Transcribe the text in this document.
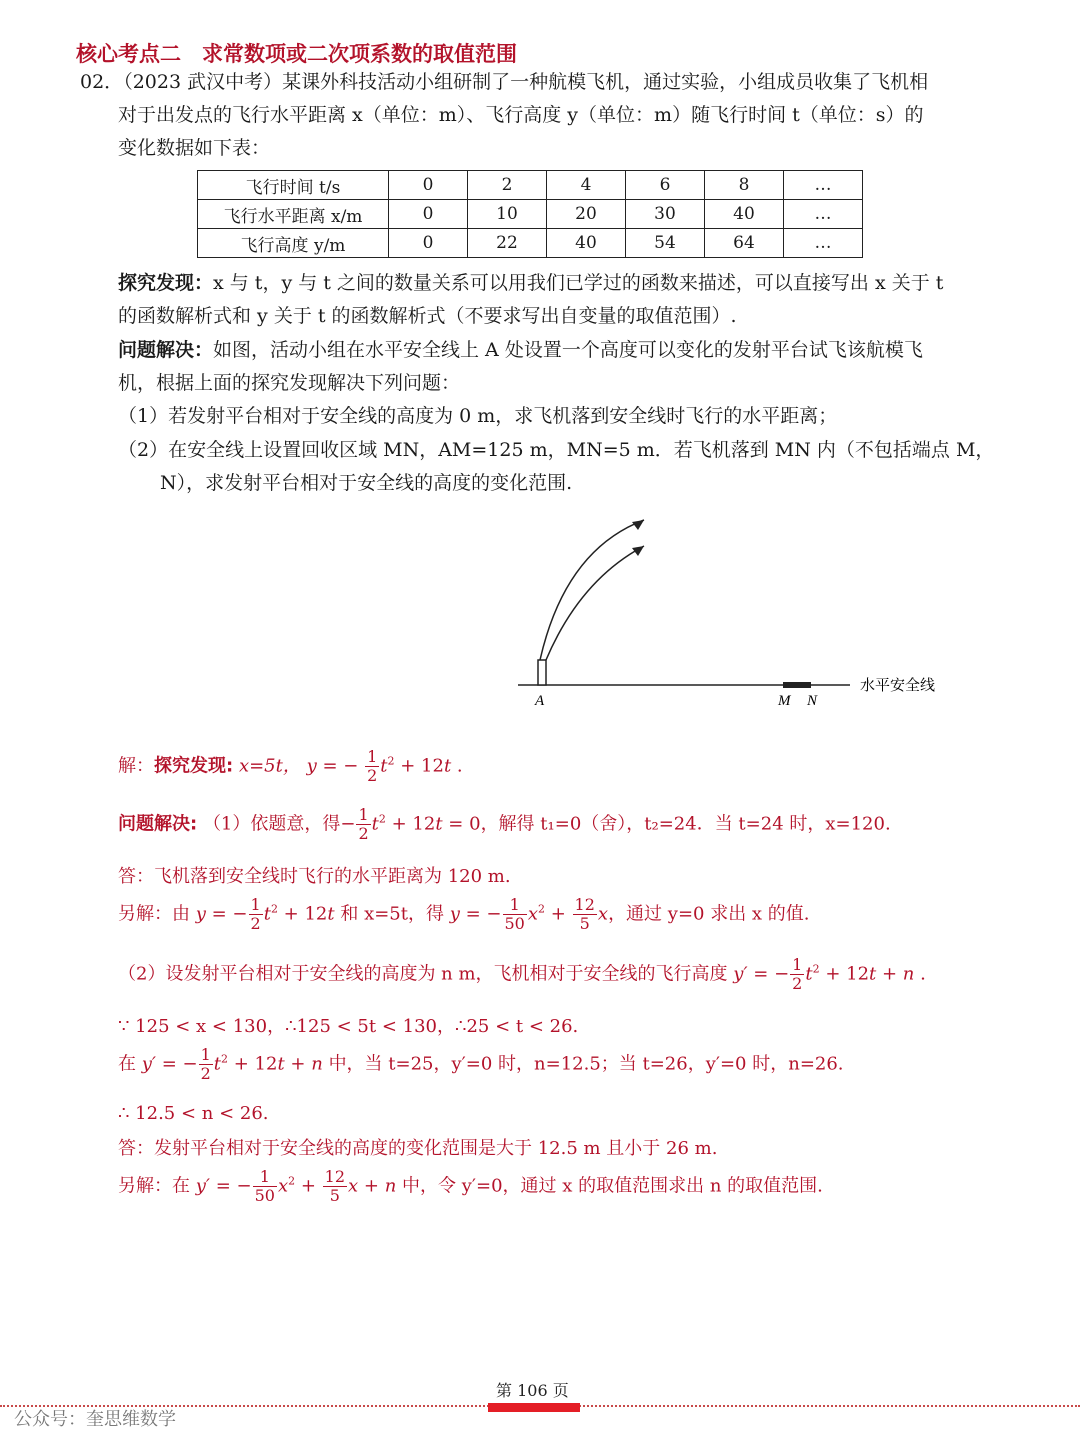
核心考点二　求常数项或二次项系数的取值范围
02．（2023 武汉中考）某课外科技活动小组研制了一种航模飞机，通过实验，小组成员收集了飞机相
对于出发点的飞行水平距离 x（单位：m）、飞行高度 y（单位：m）随飞行时间 t（单位：s）的
变化数据如下表：
飞行时间 t/s	0	2	4	6	8	…
飞行水平距离 x/m	0	10	20	30	40	…
飞行高度 y/m	0	22	40	54	64	…
探究发现：x 与 t，y 与 t 之间的数量关系可以用我们已学过的函数来描述，可以直接写出 x 关于 t
的函数解析式和 y 关于 t 的函数解析式（不要求写出自变量的取值范围）.
问题解决：如图，活动小组在水平安全线上 A 处设置一个高度可以变化的发射平台试飞该航模飞
机，根据上面的探究发现解决下列问题：
（1）若发射平台相对于安全线的高度为 0 m，求飞机落到安全线时飞行的水平距离；
（2）在安全线上设置回收区域 MN，AM=125 m，MN=5 m．若飞机落到 MN 内（不包括端点 M，
N），求发射平台相对于安全线的高度的变化范围.
A	M N
水平安全线
解：探究发现: x=5t， y = − $\frac{1}{2} t^2 + 12t$ .
问题解决: （1）依题意，得− $\frac{1}{2} t^2 + 12t = 0$，解得 t₁=0（舍），t₂=24．当 t=24 时，x=120.
答：飞机落到安全线时飞行的水平距离为 120 m.
另解：由 y = − $\frac{1}{2} t^2 + 12t$ 和 x=5t，得 y = − $\frac{1}{50} x^2 + \frac{12}{5}$ x，通过 y=0 求出 x 的值.
（2）设发射平台相对于安全线的高度为 n m，飞机相对于安全线的飞行高度 y′ = − $\frac{1}{2} t^2 + 12t + n$ .
∵ 125 < x < 130，∴125 < 5t < 130，∴25 < t < 26.
在 y′ = − $\frac{1}{2} t^2 + 12t + n$ 中，当 t=25，y′=0 时，n=12.5；当 t=26，y′=0 时，n=26.
∴ 12.5 < n < 26.
答：发射平台相对于安全线的高度的变化范围是大于 12.5 m 且小于 26 m.
另解：在 y′ = − $\frac{1}{50} x^2 + \frac{12}{5}$ x + n 中，令 y′=0，通过 x 的取值范围求出 n 的取值范围.
第 106 页
公众号：奎思维数学
